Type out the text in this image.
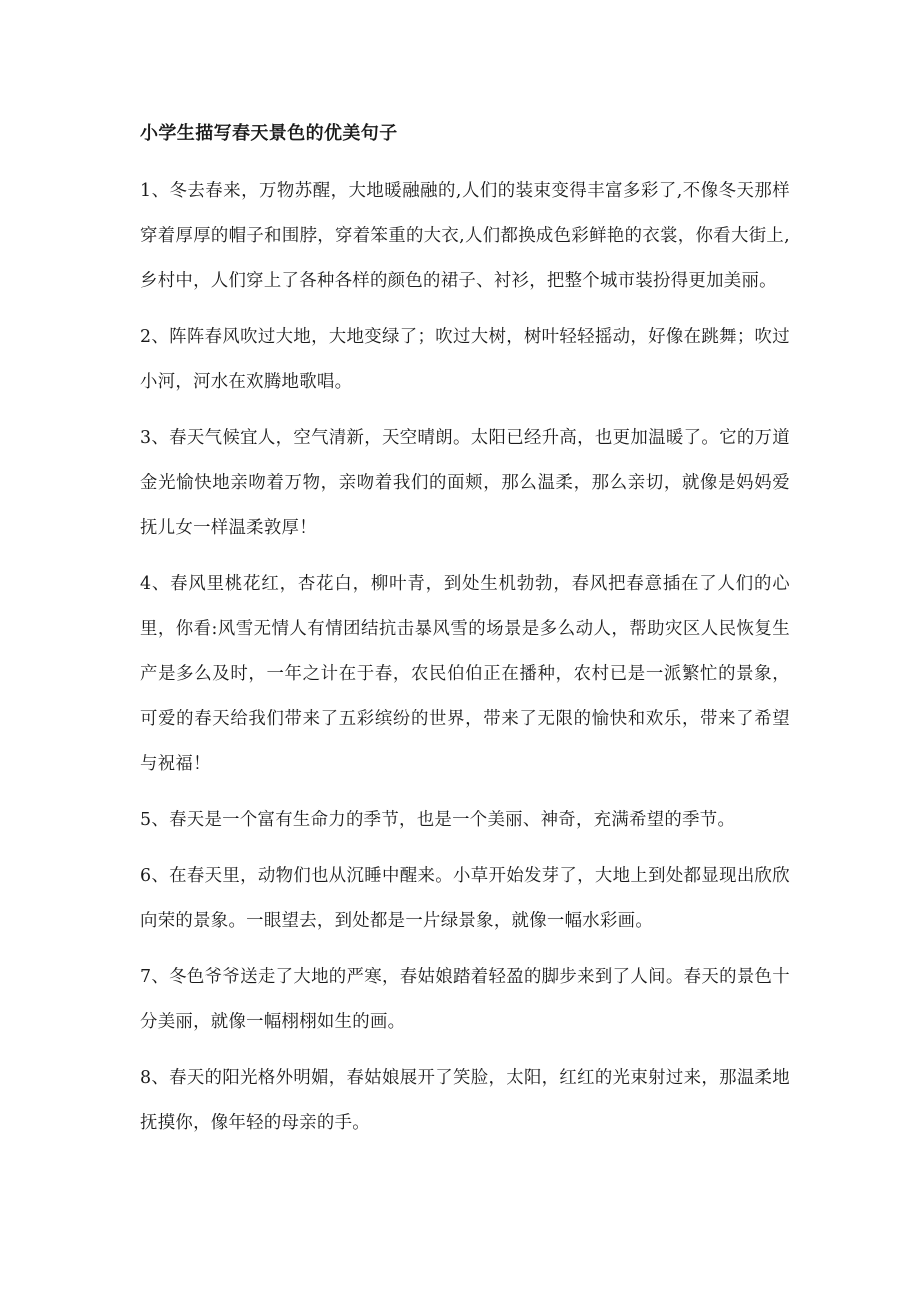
小学生描写春天景色的优美句子

1、冬去春来，万物苏醒，大地暖融融的,人们的装束变得丰富多彩了,不像冬天那样穿着厚厚的帽子和围脖，穿着笨重的大衣,人们都换成色彩鲜艳的衣裳，你看大街上,乡村中，人们穿上了各种各样的颜色的裙子、衬衫，把整个城市装扮得更加美丽。

2、阵阵春风吹过大地，大地变绿了；吹过大树，树叶轻轻摇动，好像在跳舞；吹过小河，河水在欢腾地歌唱。

3、春天气候宜人，空气清新，天空晴朗。太阳已经升高，也更加温暖了。它的万道金光愉快地亲吻着万物，亲吻着我们的面颊，那么温柔，那么亲切，就像是妈妈爱抚儿女一样温柔敦厚！

4、春风里桃花红，杏花白，柳叶青，到处生机勃勃，春风把春意插在了人们的心里，你看:风雪无情人有情团结抗击暴风雪的场景是多么动人，帮助灾区人民恢复生产是多么及时，一年之计在于春，农民伯伯正在播种，农村已是一派繁忙的景象，可爱的春天给我们带来了五彩缤纷的世界，带来了无限的愉快和欢乐，带来了希望与祝福！

5、春天是一个富有生命力的季节，也是一个美丽、神奇，充满希望的季节。

6、在春天里，动物们也从沉睡中醒来。小草开始发芽了，大地上到处都显现出欣欣向荣的景象。一眼望去，到处都是一片绿景象，就像一幅水彩画。

7、冬色爷爷送走了大地的严寒，春姑娘踏着轻盈的脚步来到了人间。春天的景色十分美丽，就像一幅栩栩如生的画。

8、春天的阳光格外明媚，春姑娘展开了笑脸，太阳，红红的光束射过来，那温柔地抚摸你，像年轻的母亲的手。
